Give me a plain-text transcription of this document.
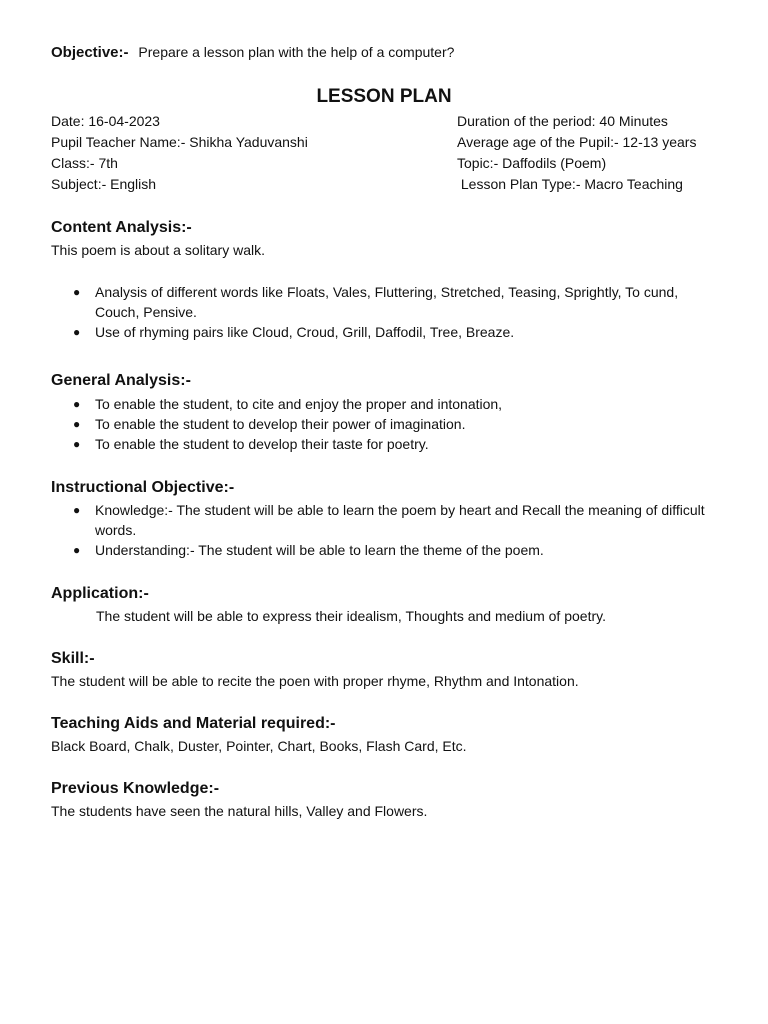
Objective:- Prepare a lesson plan with the help of a computer?
LESSON PLAN
Date: 16-04-2023
Pupil Teacher Name:- Shikha Yaduvanshi
Class:- 7th
Subject:- English
Duration of the period: 40 Minutes
Average age of the Pupil:- 12-13 years
Topic:- Daffodils (Poem)
Lesson Plan Type:- Macro Teaching
Content Analysis:-
This poem is about a solitary walk.
● Analysis of different words like Floats, Vales, Fluttering, Stretched, Teasing, Sprightly, To cund, Couch, Pensive.
● Use of rhyming pairs like Cloud, Croud, Grill, Daffodil, Tree, Breaze.
General Analysis:-
● To enable the student, to cite and enjoy the proper and intonation,
● To enable the student to develop their power of imagination.
● To enable the student to develop their taste for poetry.
Instructional Objective:-
● Knowledge:- The student will be able to learn the poem by heart and Recall the meaning of difficult words.
● Understanding:- The student will be able to learn the theme of the poem.
Application:-
The student will be able to express their idealism, Thoughts and medium of poetry.
Skill:-
The student will be able to recite the poen with proper rhyme, Rhythm and Intonation.
Teaching Aids and Material required:-
Black Board, Chalk, Duster, Pointer, Chart, Books, Flash Card, Etc.
Previous Knowledge:-
The students have seen the natural hills, Valley and Flowers.
